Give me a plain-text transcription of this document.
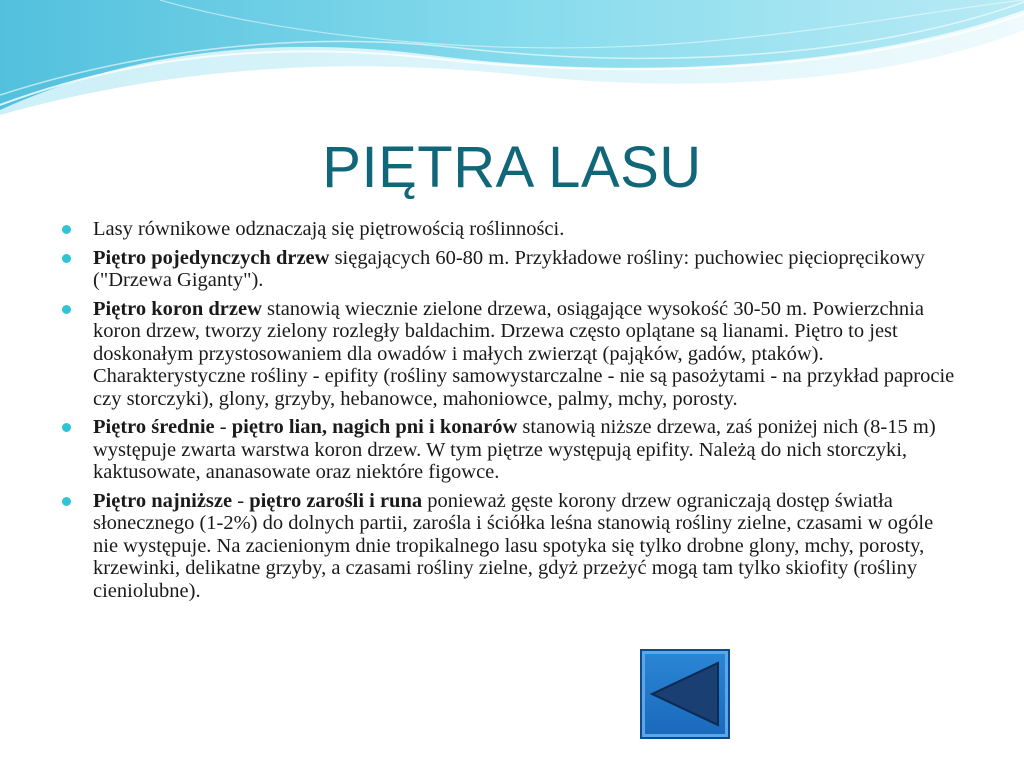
PIĘTRA LASU
Lasy równikowe odznaczają się piętrowością roślinności.
Piętro pojedynczych drzew sięgających 60-80 m. Przykładowe rośliny: puchowiec pięciopręcikowy ("Drzewa Giganty").
Piętro koron drzew stanowią wiecznie zielone drzewa, osiągające wysokość 30-50 m. Powierzchnia koron drzew, tworzy zielony rozległy baldachim. Drzewa często oplątane są lianami. Piętro to jest doskonałym przystosowaniem dla owadów i małych zwierząt (pająków, gadów, ptaków). Charakterystyczne rośliny - epifity (rośliny samowystarczalne - nie są pasożytami - na przykład paprocie czy storczyki), glony, grzyby, hebanowce, mahoniowce, palmy, mchy, porosty.
Piętro średnie - piętro lian, nagich pni i konarów stanowią niższe drzewa, zaś poniżej nich (8-15 m) występuje zwarta warstwa koron drzew. W tym piętrze występują epifity. Należą do nich storczyki, kaktusowate, ananasowate oraz niektóre figowce.
Piętro najniższe - piętro zarośli i runa ponieważ gęste korony drzew ograniczają dostęp światła słonecznego (1-2%) do dolnych partii, zarośla i ściółka leśna stanowią rośliny zielne, czasami w ogóle nie występuje. Na zacienionym dnie tropikalnego lasu spotyka się tylko drobne glony, mchy, porosty, krzewinki, delikatne grzyby, a czasami rośliny zielne, gdyż przeżyć mogą tam tylko skiofity (rośliny cieniolubne).
